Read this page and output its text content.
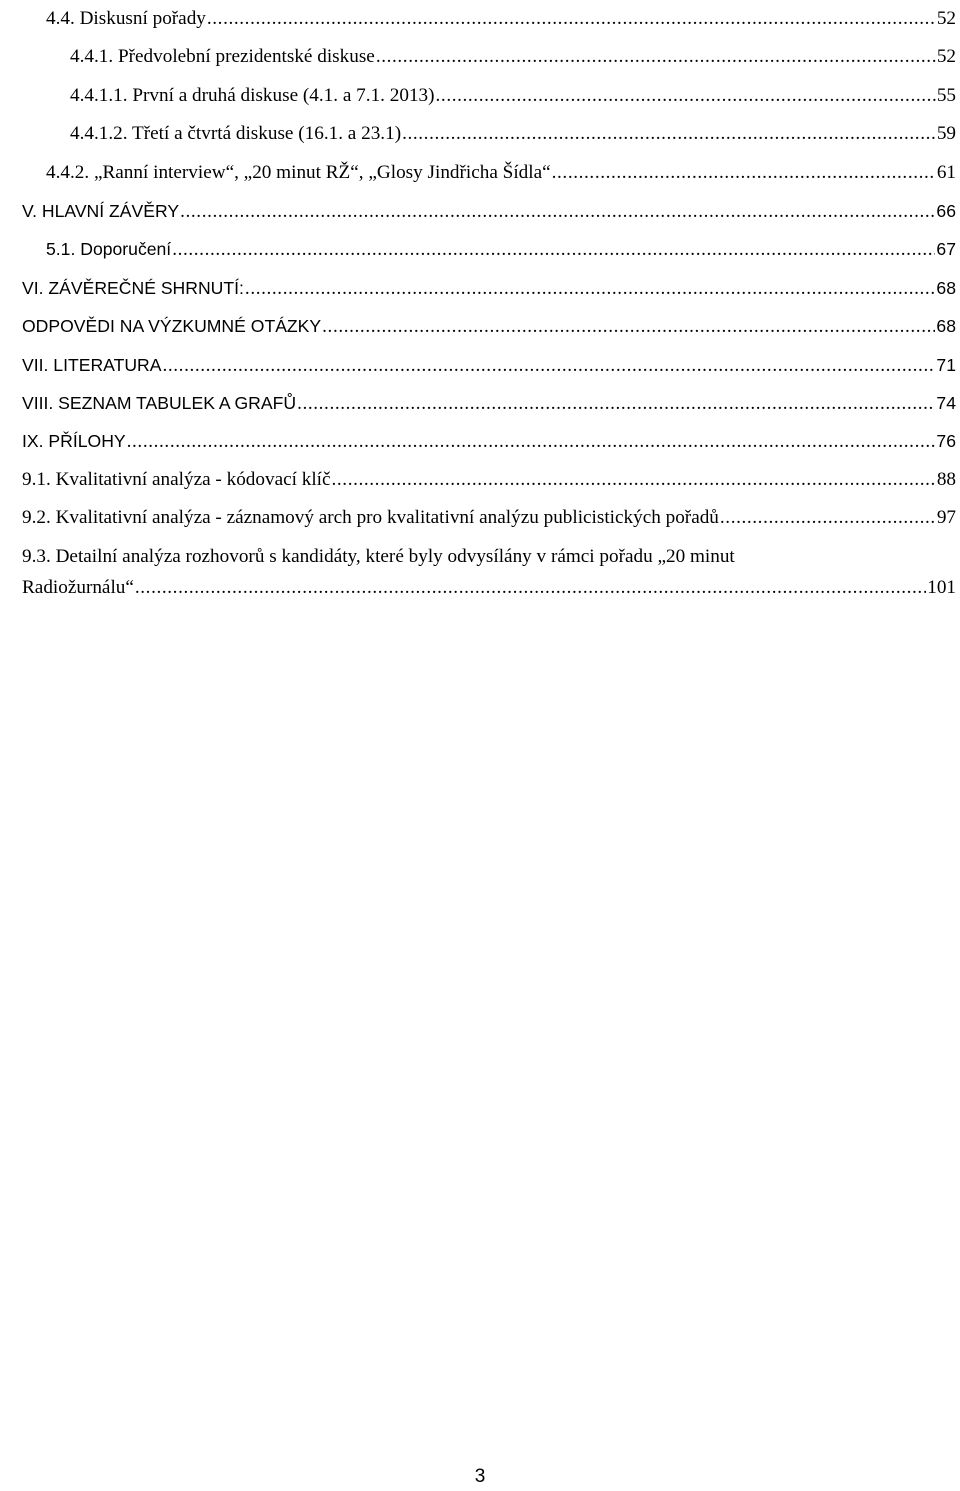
4.4. Diskusní pořady .....	52
4.4.1. Předvolební prezidentské diskuse .....	52
4.4.1.1. První a druhá diskuse (4.1. a 7.1. 2013) .....	55
4.4.1.2. Třetí a čtvrtá diskuse (16.1. a 23.1) .....	59
4.4.2. „Ranní interview“, „20 minut RŽ“, „Glosy Jindřicha Šídla“ .....	61
V. HLAVNÍ ZÁVĚRY .....	66
5.1. Doporučení .....	67
VI. ZÁVĚREČNÉ SHRNUTÍ: .....	68
ODPOVĚDI NA VÝZKUMNÉ OTÁZKY .....	68
VII. LITERATURA .....	71
VIII. SEZNAM TABULEK A GRAFŮ .....	74
IX. PŘÍLOHY .....	76
9.1. Kvalitativní analýza - kódovací klíč .....	88
9.2. Kvalitativní analýza - záznamový arch pro kvalitativní analýzu publicistických pořadů .....	97
9.3. Detailní analýza rozhovorů s kandidáty, které byly odvysílány v rámci pořadu „20 minut
Radiožurnálu“ .....	101
3
